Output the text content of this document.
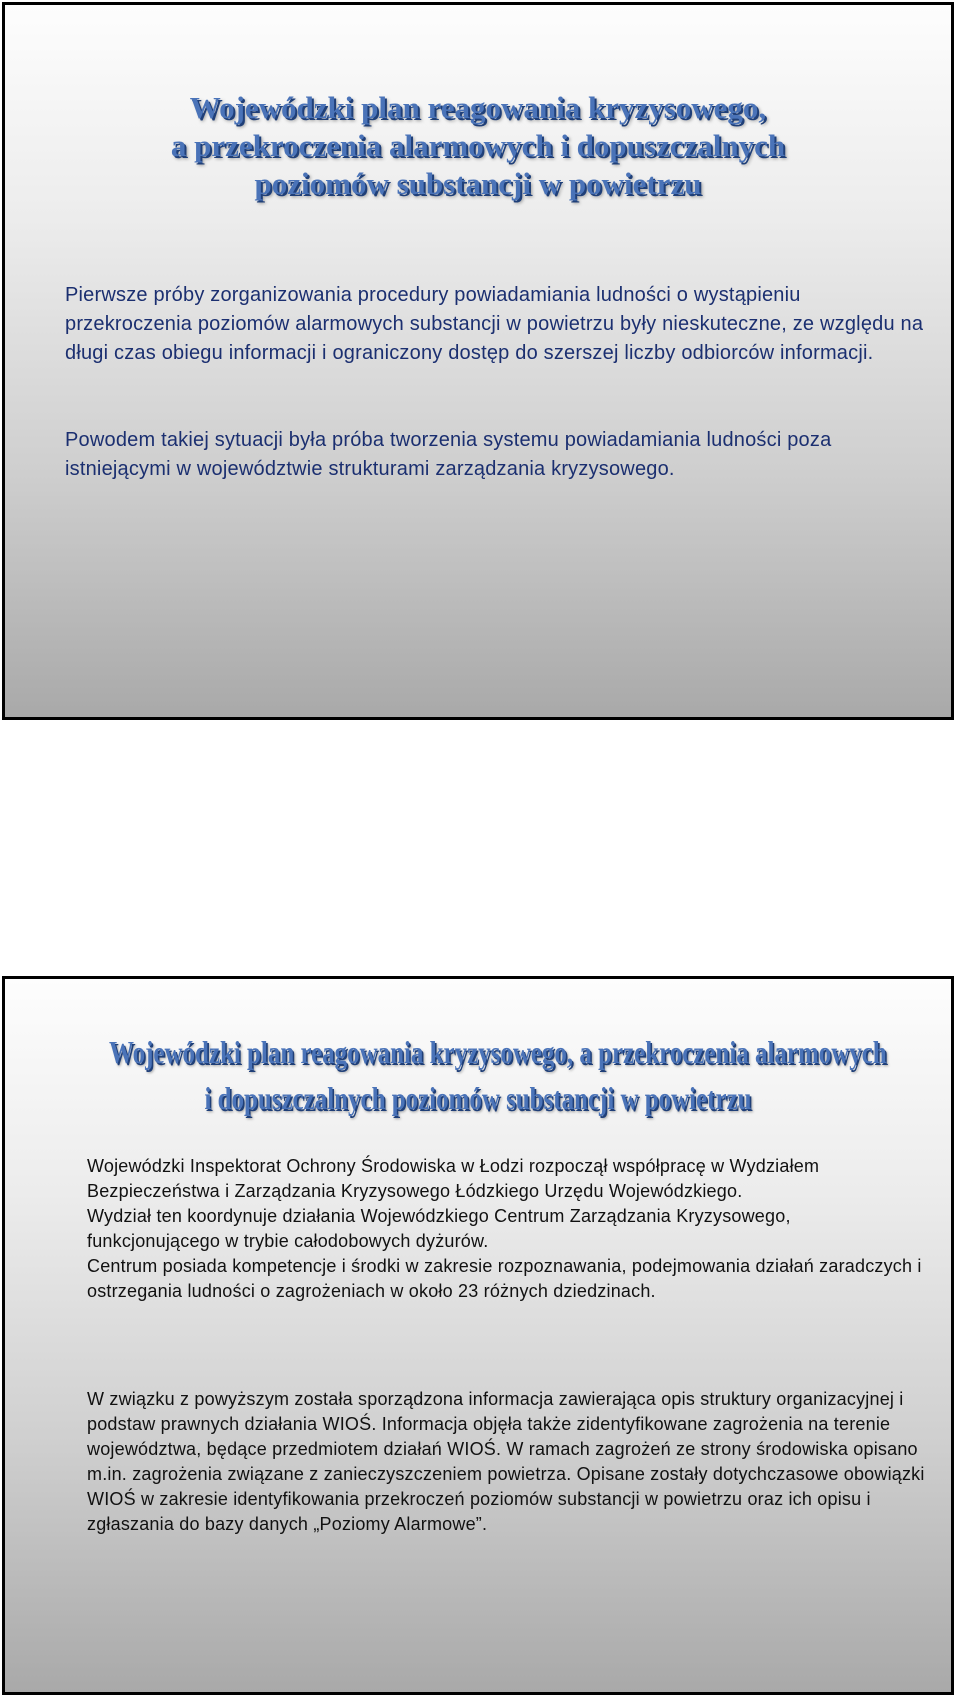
Wojewódzki plan reagowania kryzysowego,
a przekroczenia alarmowych i dopuszczalnych
poziomów substancji w powietrzu

Pierwsze próby zorganizowania procedury powiadamiania ludności o wystąpieniu przekroczenia poziomów alarmowych substancji w powietrzu były nieskuteczne, ze względu na długi czas obiegu informacji i ograniczony dostęp do szerszej liczby odbiorców informacji.

Powodem takiej sytuacji była próba tworzenia systemu powiadamiania ludności poza istniejącymi w województwie strukturami zarządzania kryzysowego.

Wojewódzki plan reagowania kryzysowego, a przekroczenia alarmowych
i dopuszczalnych poziomów substancji w powietrzu

Wojewódzki Inspektorat Ochrony Środowiska w Łodzi rozpoczął współpracę w Wydziałem Bezpieczeństwa i Zarządzania Kryzysowego Łódzkiego Urzędu Wojewódzkiego.

Wydział ten koordynuje działania Wojewódzkiego Centrum Zarządzania Kryzysowego, funkcjonującego w trybie całodobowych dyżurów.

Centrum posiada kompetencje i środki w zakresie rozpoznawania, podejmowania działań zaradczych i ostrzegania ludności o zagrożeniach w około 23 różnych dziedzinach.

W związku z powyższym została sporządzona informacja zawierająca opis struktury organizacyjnej i podstaw prawnych działania WIOŚ. Informacja objęła także zidentyfikowane zagrożenia na terenie województwa, będące przedmiotem działań WIOŚ. W ramach zagrożeń ze strony środowiska opisano m.in. zagrożenia związane z zanieczyszczeniem powietrza. Opisane zostały dotychczasowe obowiązki WIOŚ w zakresie identyfikowania przekroczeń poziomów substancji w powietrzu oraz ich opisu i zgłaszania do bazy danych „Poziomy Alarmowe”.
